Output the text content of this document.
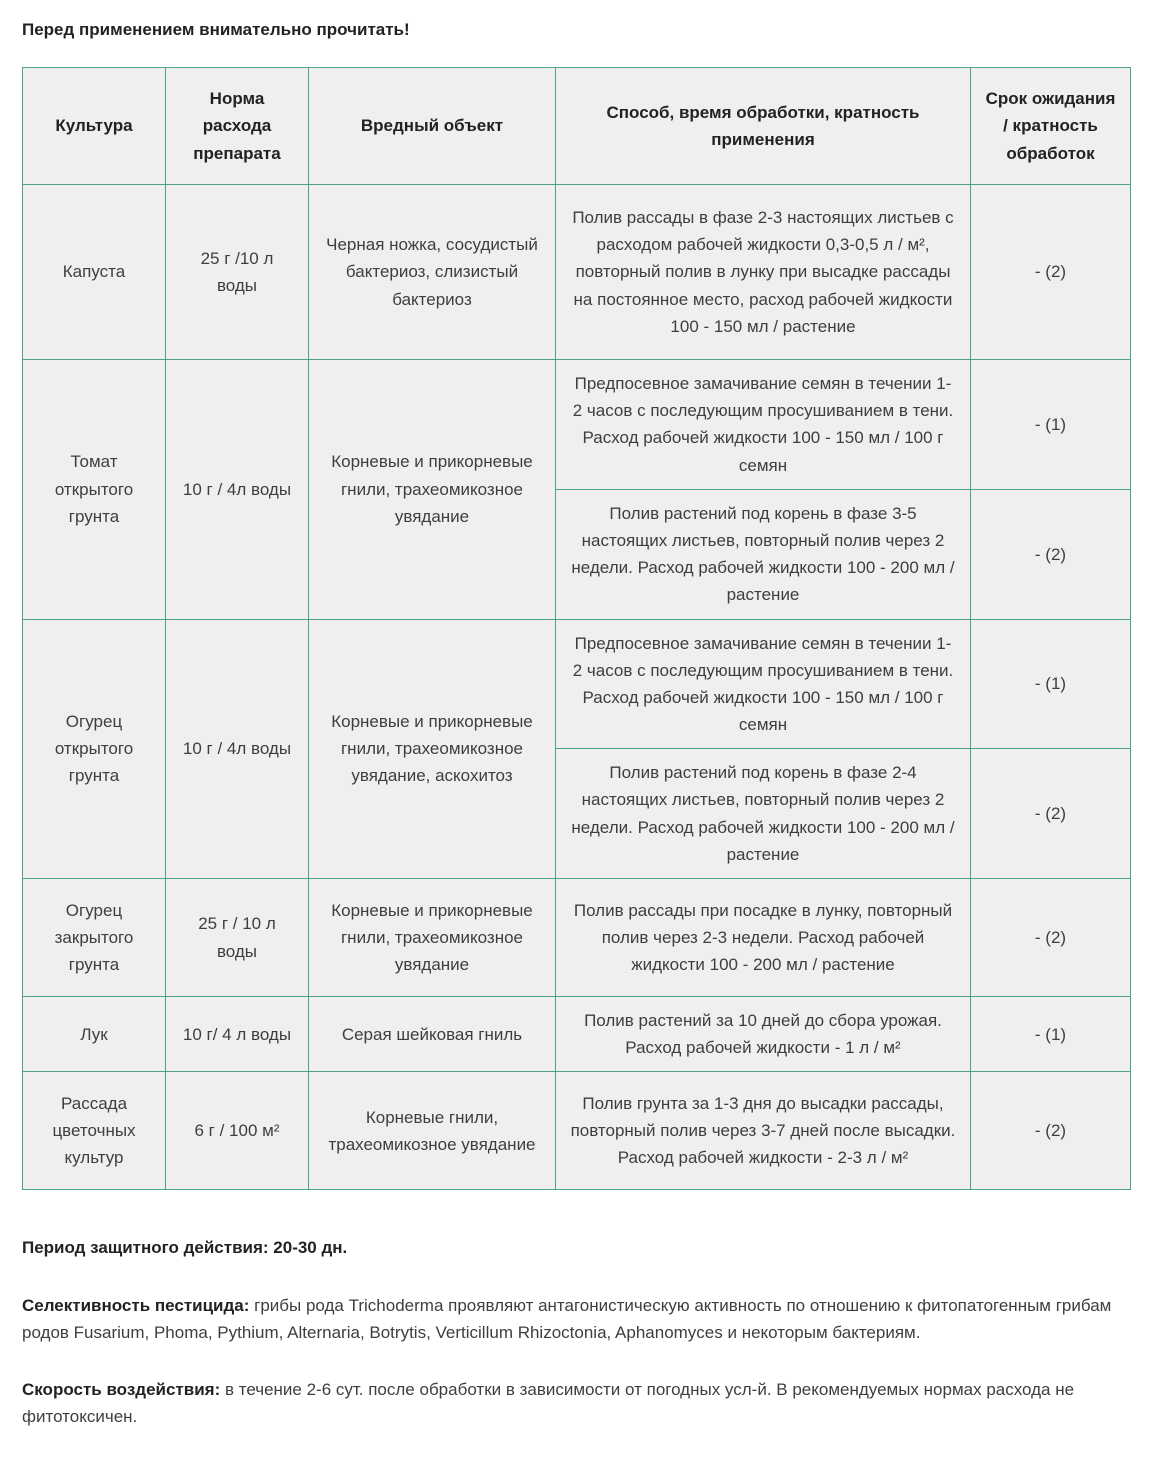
Перед применением внимательно прочитать!

Культура	Норма расхода препарата	Вредный объект	Способ, время обработки, кратность применения	Срок ожидания / кратность обработок
Капуста	25 г /10 л воды	Черная ножка, сосудистый бактериоз, слизистый бактериоз	Полив рассады в фазе 2-3 настоящих листьев с расходом рабочей жидкости 0,3-0,5 л / м², повторный полив в лунку при высадке рассады на постоянное место, расход рабочей жидкости 100 - 150 мл / растение	- (2)
Томат открытого грунта	10 г / 4л воды	Корневые и прикорневые гнили, трахеомикозное увядание	Предпосевное замачивание семян в течении 1-2 часов с последующим просушиванием в тени. Расход рабочей жидкости 100 - 150 мл / 100 г семян	- (1)
			Полив растений под корень в фазе 3-5 настоящих листьев, повторный полив через 2 недели. Расход рабочей жидкости 100 - 200 мл / растение	- (2)
Огурец открытого грунта	10 г / 4л воды	Корневые и прикорневые гнили, трахеомикозное увядание, аскохитоз	Предпосевное замачивание семян в течении 1-2 часов с последующим просушиванием в тени. Расход рабочей жидкости 100 - 150 мл / 100 г семян	- (1)
			Полив растений под корень в фазе 2-4 настоящих листьев, повторный полив через 2 недели. Расход рабочей жидкости 100 - 200 мл / растение	- (2)
Огурец закрытого грунта	25 г / 10 л воды	Корневые и прикорневые гнили, трахеомикозное увядание	Полив рассады при посадке в лунку, повторный полив через 2-3 недели. Расход рабочей жидкости 100 - 200 мл / растение	- (2)
Лук	10 г/ 4 л воды	Серая шейковая гниль	Полив растений за 10 дней до сбора урожая. Расход рабочей жидкости - 1 л / м²	- (1)
Рассада цветочных культур	6 г / 100 м²	Корневые гнили, трахеомикозное увядание	Полив грунта за 1-3 дня до высадки рассады, повторный полив через 3-7 дней после высадки. Расход рабочей жидкости - 2-3 л / м²	- (2)

Период защитного действия: 20-30 дн.

Селективность пестицида: грибы рода Trichoderma проявляют антагонистическую активность по отношению к фитопатогенным грибам родов Fusarium, Phoma, Pythium, Alternaria, Botrytis, Verticillum Rhizoctonia, Aphanomyces и некоторым бактериям.

Скорость воздействия: в течение 2-6 сут. после обработки в зависимости от погодных усл-й. В рекомендуемых нормах расхода не фитотоксичен.
